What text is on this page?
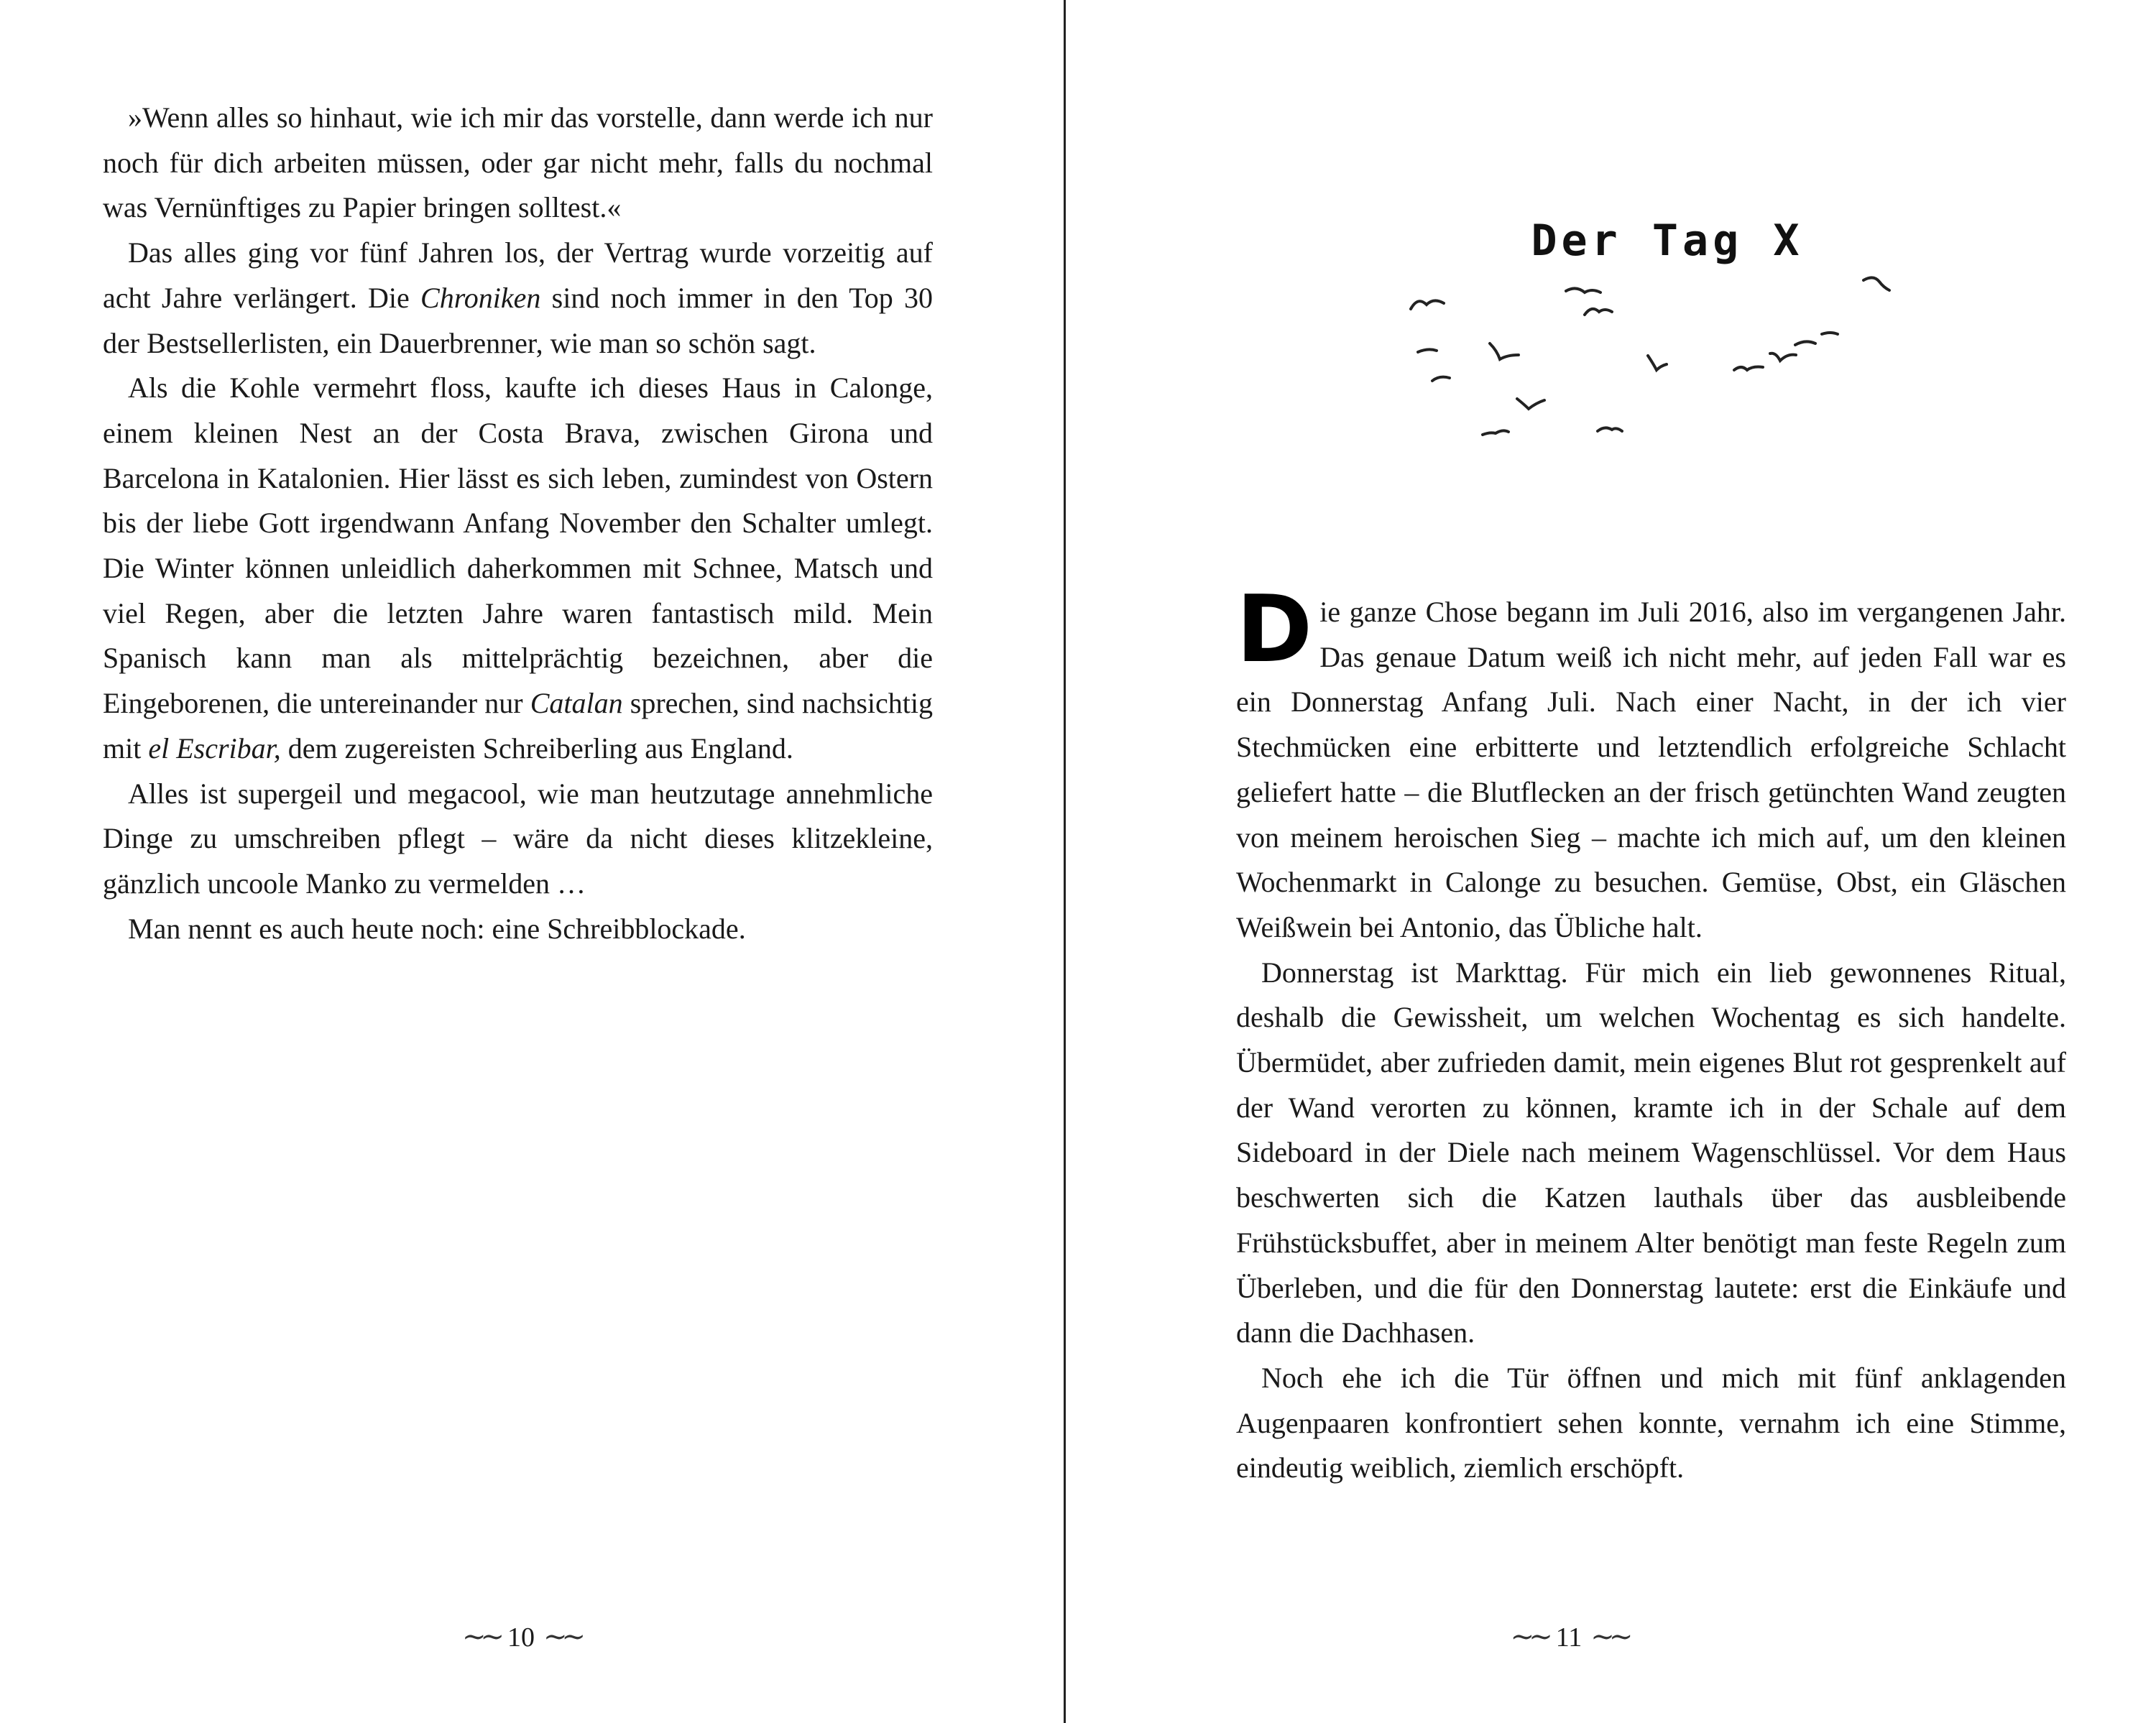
»Wenn alles so hinhaut, wie ich mir das vorstelle, dann werde ich nur noch für dich arbeiten müssen, oder gar nicht mehr, falls du nochmal was Vernünftiges zu Papier bringen solltest.«

Das alles ging vor fünf Jahren los, der Vertrag wurde vorzeitig auf acht Jahre verlängert. Die Chroniken sind noch immer in den Top 30 der Bestsellerlisten, ein Dauerbrenner, wie man so schön sagt.

Als die Kohle vermehrt floss, kaufte ich dieses Haus in Calonge, einem kleinen Nest an der Costa Brava, zwischen Girona und Barcelona in Katalonien. Hier lässt es sich leben, zumindest von Ostern bis der liebe Gott irgendwann Anfang November den Schalter umlegt. Die Winter können unleidlich daherkommen mit Schnee, Matsch und viel Regen, aber die letzten Jahre waren fantastisch mild. Mein Spanisch kann man als mittelprächtig bezeichnen, aber die Eingeborenen, die untereinander nur Catalan sprechen, sind nachsichtig mit el Escribar, dem zugereisten Schreiberling aus England.

Alles ist supergeil und megacool, wie man heutzutage annehmliche Dinge zu umschreiben pflegt – wäre da nicht dieses klitzekleine, gänzlich uncoole Manko zu vermelden …

Man nennt es auch heute noch: eine Schreibblockade.

∼∼ 10 ∼∼
Der Tag X

Die ganze Chose begann im Juli 2016, also im vergangenen Jahr. Das genaue Datum weiß ich nicht mehr, auf jeden Fall war es ein Donnerstag Anfang Juli. Nach einer Nacht, in der ich vier Stechmücken eine erbitterte und letztendlich erfolgreiche Schlacht geliefert hatte – die Blutflecken an der frisch getünchten Wand zeugten von meinem heroischen Sieg – machte ich mich auf, um den kleinen Wochenmarkt in Calonge zu besuchen. Gemüse, Obst, ein Gläschen Weißwein bei Antonio, das Übliche halt.

Donnerstag ist Markttag. Für mich ein lieb gewonnenes Ritual, deshalb die Gewissheit, um welchen Wochentag es sich handelte. Übermüdet, aber zufrieden damit, mein eigenes Blut rot gesprenkelt auf der Wand verorten zu können, kramte ich in der Schale auf dem Sideboard in der Diele nach meinem Wagenschlüssel. Vor dem Haus beschwerten sich die Katzen lauthals über das ausbleibende Frühstücksbuffet, aber in meinem Alter benötigt man feste Regeln zum Überleben, und die für den Donnerstag lautete: erst die Einkäufe und dann die Dachhasen.

Noch ehe ich die Tür öffnen und mich mit fünf anklagenden Augenpaaren konfrontiert sehen konnte, vernahm ich eine Stimme, eindeutig weiblich, ziemlich erschöpft.

∼∼ 11 ∼∼
